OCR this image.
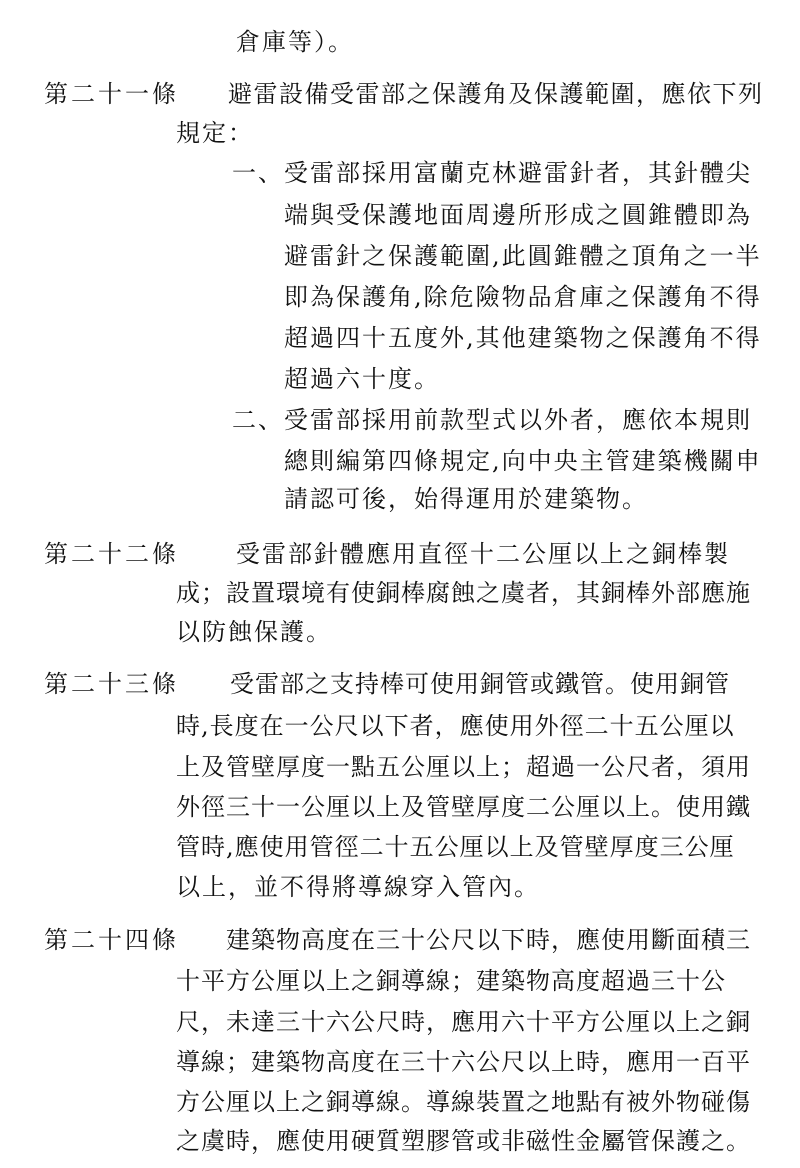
倉庫等）。
第二十一條 避雷設備受雷部之保護角及保護範圍，應依下列
規定：
一、受雷部採用富蘭克林避雷針者，其針體尖
端與受保護地面周邊所形成之圓錐體即為
避雷針之保護範圍,此圓錐體之頂角之一半
即為保護角,除危險物品倉庫之保護角不得
超過四十五度外,其他建築物之保護角不得
超過六十度。
二、受雷部採用前款型式以外者，應依本規則
總則編第四條規定,向中央主管建築機關申
請認可後，始得運用於建築物。
第二十二條 受雷部針體應用直徑十二公厘以上之銅棒製
成；設置環境有使銅棒腐蝕之虞者，其銅棒外部應施
以防蝕保護。
第二十三條 受雷部之支持棒可使用銅管或鐵管。使用銅管
時,長度在一公尺以下者，應使用外徑二十五公厘以
上及管壁厚度一點五公厘以上；超過一公尺者，須用
外徑三十一公厘以上及管壁厚度二公厘以上。使用鐵
管時,應使用管徑二十五公厘以上及管壁厚度三公厘
以上，並不得將導線穿入管內。
第二十四條 建築物高度在三十公尺以下時，應使用斷面積三
十平方公厘以上之銅導線；建築物高度超過三十公
尺，未達三十六公尺時，應用六十平方公厘以上之銅
導線；建築物高度在三十六公尺以上時，應用一百平
方公厘以上之銅導線。導線裝置之地點有被外物碰傷
之虞時，應使用硬質塑膠管或非磁性金屬管保護之。
